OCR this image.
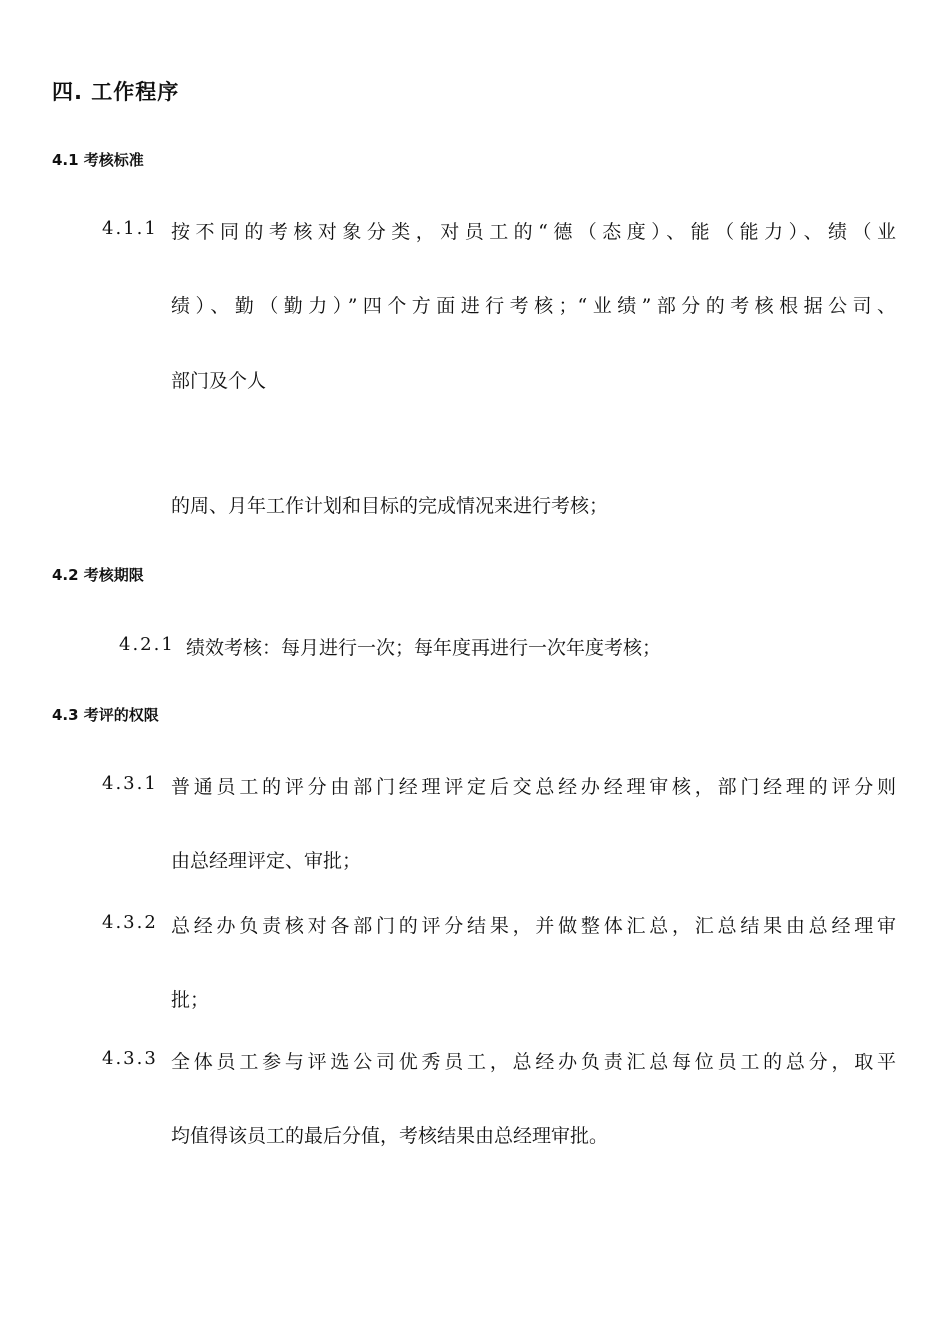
四. 工作程序
4.1 考核标准
4.1.1 按不同的考核对象分类，对员工的“德（态度）、能（能力）、绩（业
绩）、勤（勤力）”四个方面进行考核；“业绩”部分的考核根据公司、
部门及个人
的周、月年工作计划和目标的完成情况来进行考核；
4.2 考核期限
4.2.1 绩效考核：每月进行一次；每年度再进行一次年度考核；
4.3 考评的权限
4.3.1 普通员工的评分由部门经理评定后交总经办经理审核，部门经理的评分则
由总经理评定、审批；
4.3.2 总经办负责核对各部门的评分结果，并做整体汇总，汇总结果由总经理审
批；
4.3.3 全体员工参与评选公司优秀员工，总经办负责汇总每位员工的总分，取平
均值得该员工的最后分值，考核结果由总经理审批。
